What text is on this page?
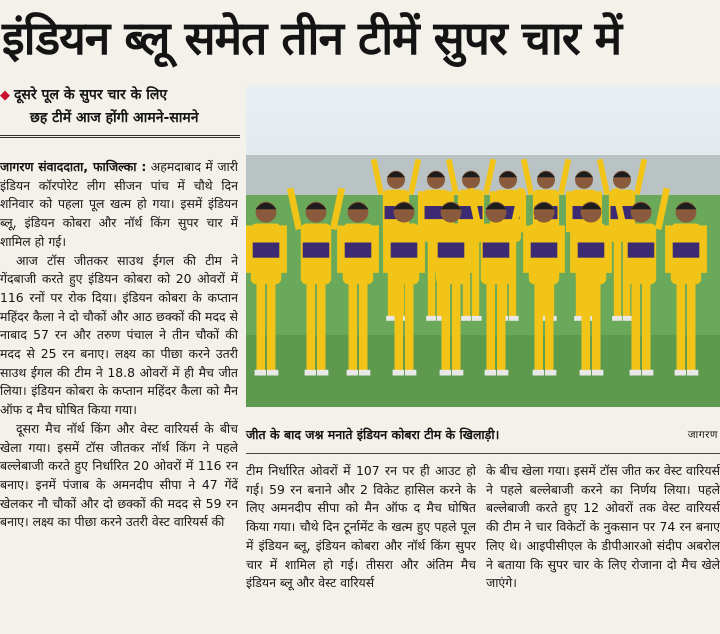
इंडियन ब्लू समेत तीन टीमें सुपर चार में
◆ दूसरे पूल के सुपर चार के लिए
छह टीमें आज होंगी आमने-सामने

जागरण संवाददाता, फाजिल्का : अहमदाबाद में जारी इंडियन कॉरपोरेट लीग सीजन पांच में चौथे दिन शनिवार को पहला पूल खत्म हो गया। इसमें इंडियन ब्लू, इंडियन कोबरा और नॉर्थ किंग सुपर चार में शामिल हो गई।

आज टॉस जीतकर साउथ ईगल की टीम ने गेंदबाजी करते हुए इंडियन कोबरा को 20 ओवरों में 116 रनों पर रोक दिया। इंडियन कोबरा के कप्तान महिंदर कैला ने दो चौकों और आठ छक्कों की मदद से नाबाद 57 रन और तरुण पंचाल ने तीन चौकों की मदद से 25 रन बनाए। लक्ष्य का पीछा करने उतरी साउथ ईगल की टीम ने 18.8 ओवरों में ही मैच जीत लिया। इंडियन कोबरा के कप्तान महिंदर कैला को मैन ऑफ द मैच घोषित किया गया।

दूसरा मैच नॉर्थ किंग और वेस्ट वारियर्स के बीच खेला गया। इसमें टॉस जीतकर नॉर्थ किंग ने पहले बल्लेबाजी करते हुए निर्धारित 20 ओवरों में 116 रन बनाए। इनमें पंजाब के अमनदीप सीपा ने 47 गेंदें खेलकर नौ चौकों और दो छक्कों की मदद से 59 रन बनाए। लक्ष्य का पीछा करने उतरी वेस्ट वारियर्स की

जीत के बाद जश्न मनाते इंडियन कोबरा टीम के खिलाड़ी।	जागरण

टीम निर्धारित ओवरों में 107 रन पर ही आउट हो गई। 59 रन बनाने और 2 विकेट हासिल करने के लिए अमनदीप सीपा को मैन ऑफ द मैच घोषित किया गया। चौथे दिन टूर्नामेंट के खत्म हुए पहले पूल में इंडियन ब्लू, इंडियन कोबरा और नॉर्थ किंग सुपर चार में शामिल हो गई। तीसरा और अंतिम मैच इंडियन ब्लू और वेस्ट वारियर्स

के बीच खेला गया। इसमें टॉस जीत कर वेस्ट वारियर्स ने पहले बल्लेबाजी करने का निर्णय लिया। पहले बल्लेबाजी करते हुए 12 ओवरों तक वेस्ट वारियर्स की टीम ने चार विकेटों के नुकसान पर 74 रन बनाए लिए थे। आइपीसीएल के डीपीआरओ संदीप अबरोल ने बताया कि सुपर चार के लिए रोजाना दो मैच खेले जाएंगे।
